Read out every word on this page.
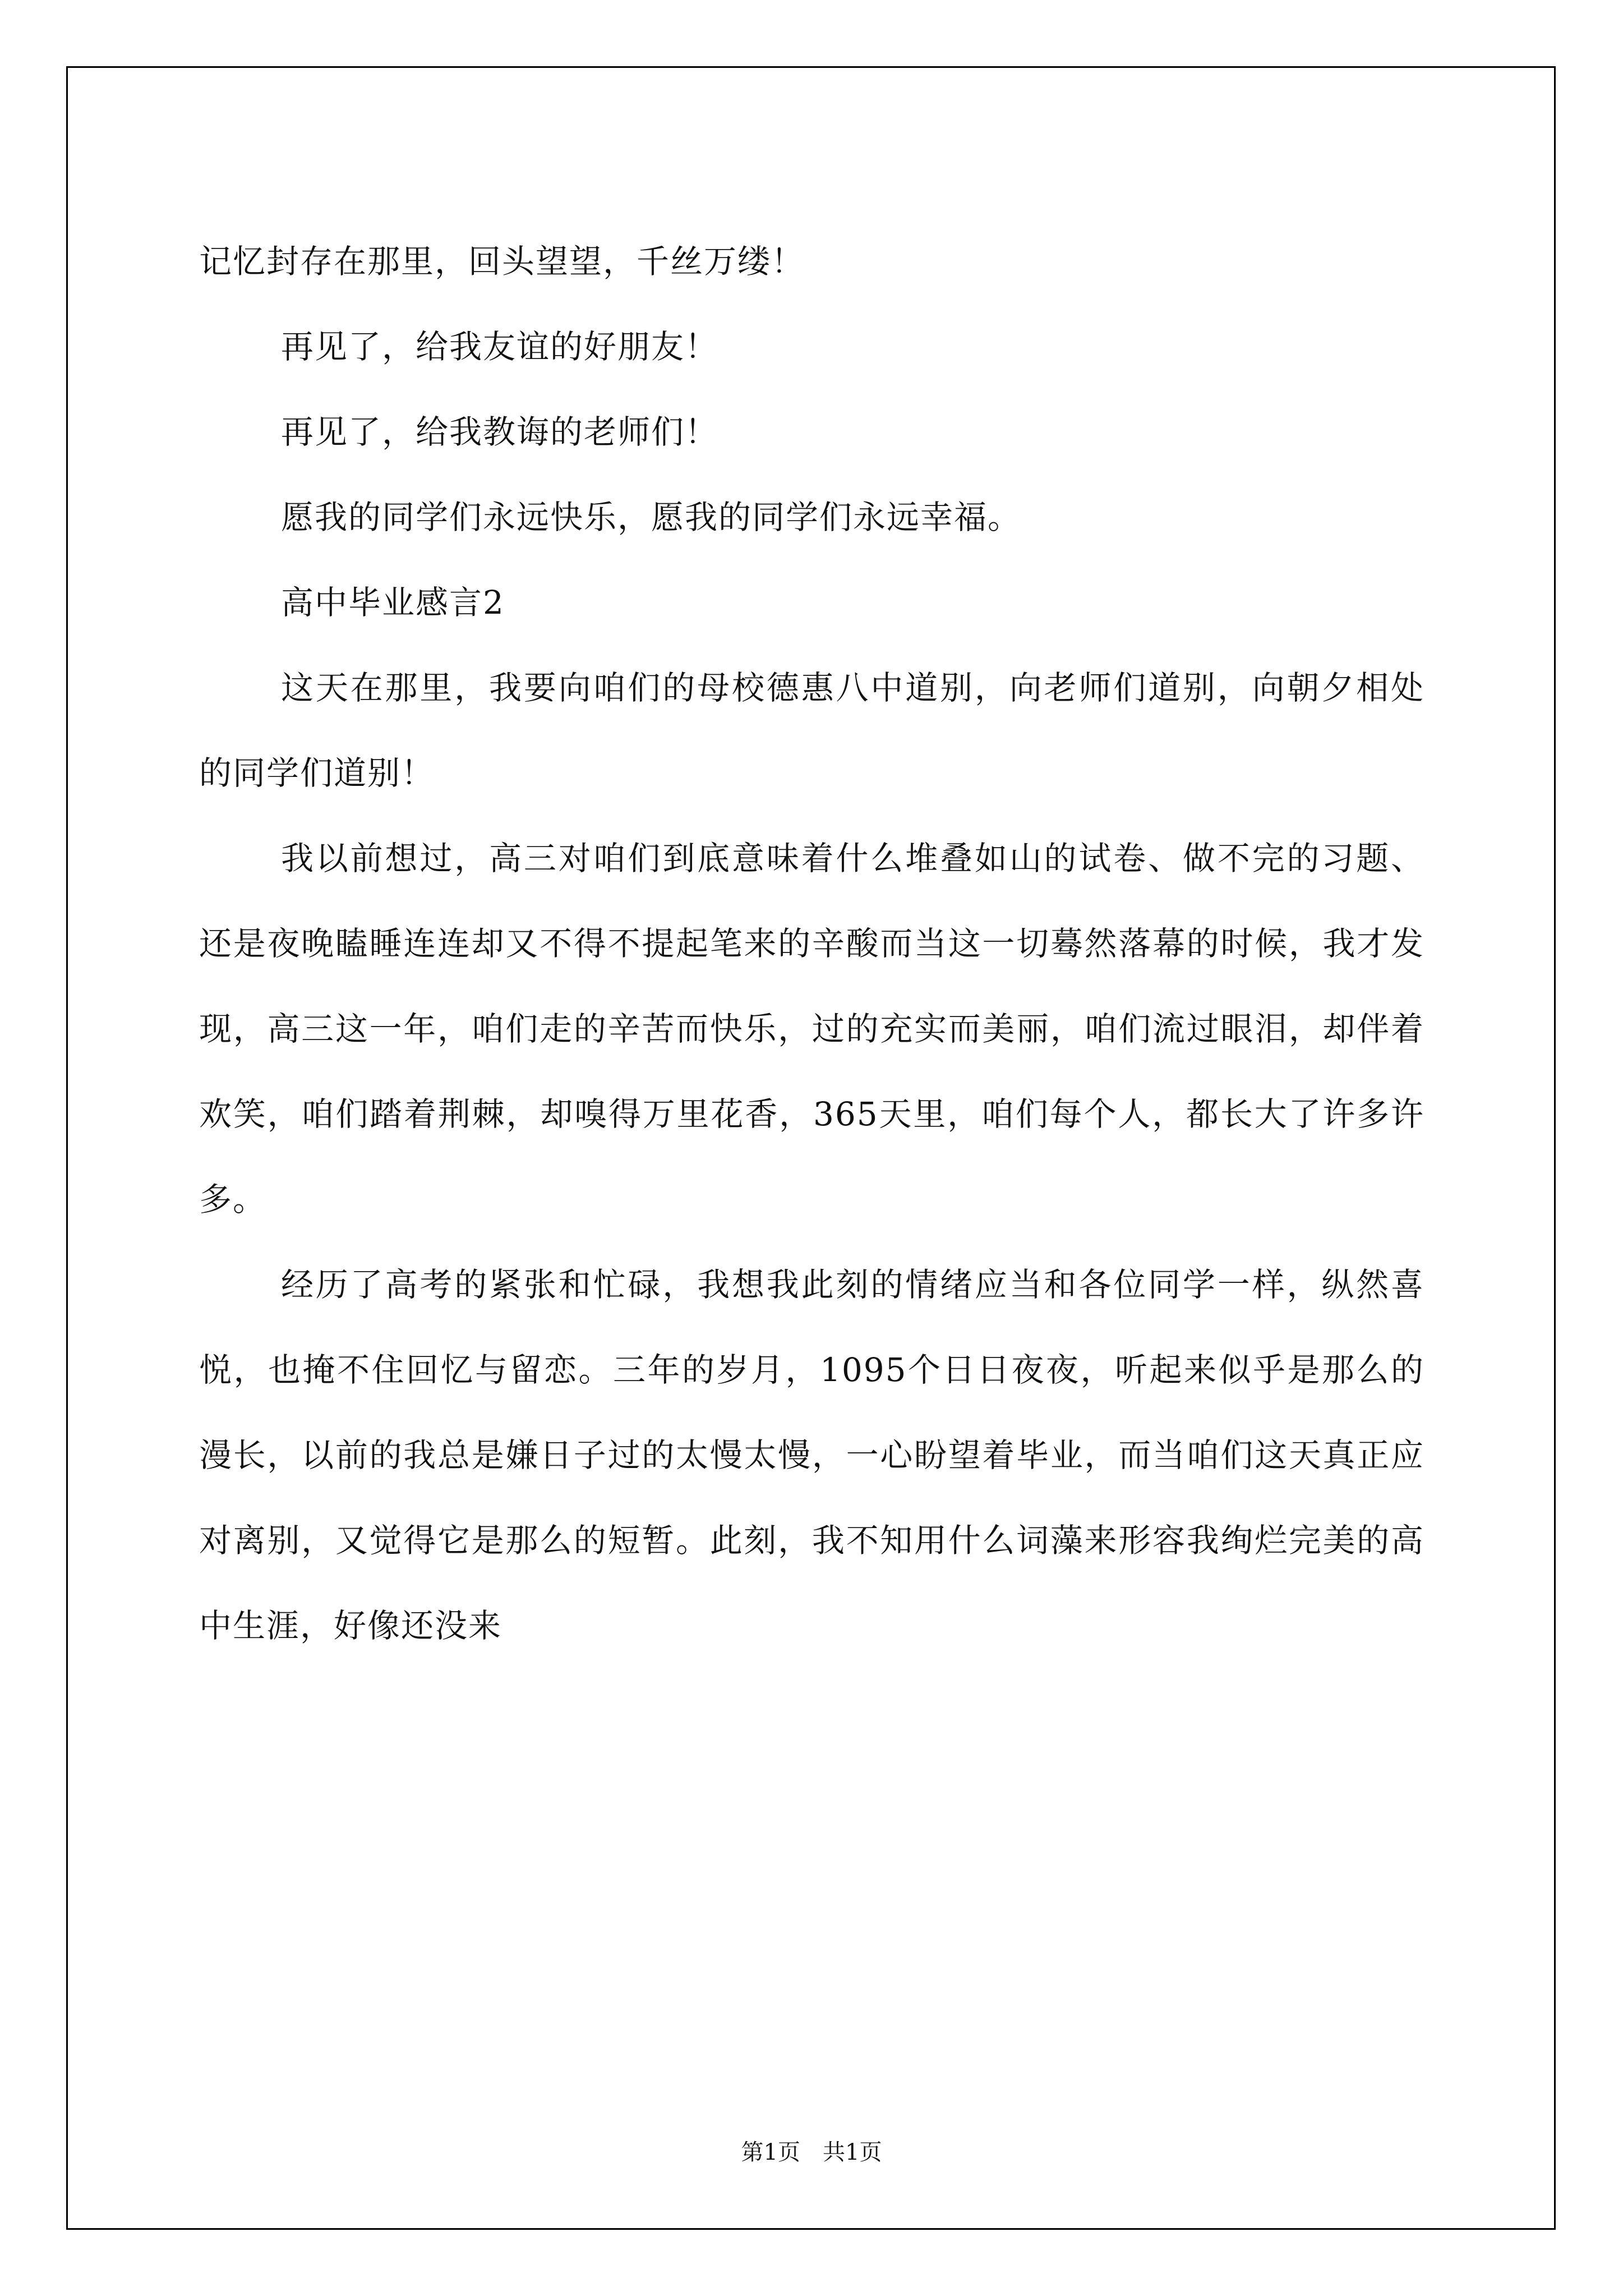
记忆封存在那里，回头望望，千丝万缕！

再见了，给我友谊的好朋友！

再见了，给我教诲的老师们！

愿我的同学们永远快乐，愿我的同学们永远幸福。

高中毕业感言2

这天在那里，我要向咱们的母校德惠八中道别，向老师们道别，向朝夕相处的同学们道别！

我以前想过，高三对咱们到底意味着什么堆叠如山的试卷、做不完的习题、还是夜晚瞌睡连连却又不得不提起笔来的辛酸而当这一切蓦然落幕的时候，我才发现，高三这一年，咱们走的辛苦而快乐，过的充实而美丽，咱们流过眼泪，却伴着欢笑，咱们踏着荆棘，却嗅得万里花香，365天里，咱们每个人，都长大了许多许多。

经历了高考的紧张和忙碌，我想我此刻的情绪应当和各位同学一样，纵然喜悦，也掩不住回忆与留恋。三年的岁月，1095个日日夜夜，听起来似乎是那么的漫长，以前的我总是嫌日子过的太慢太慢，一心盼望着毕业，而当咱们这天真正应对离别，又觉得它是那么的短暂。此刻，我不知用什么词藻来形容我绚烂完美的高中生涯，好像还没来

第1页　共1页
